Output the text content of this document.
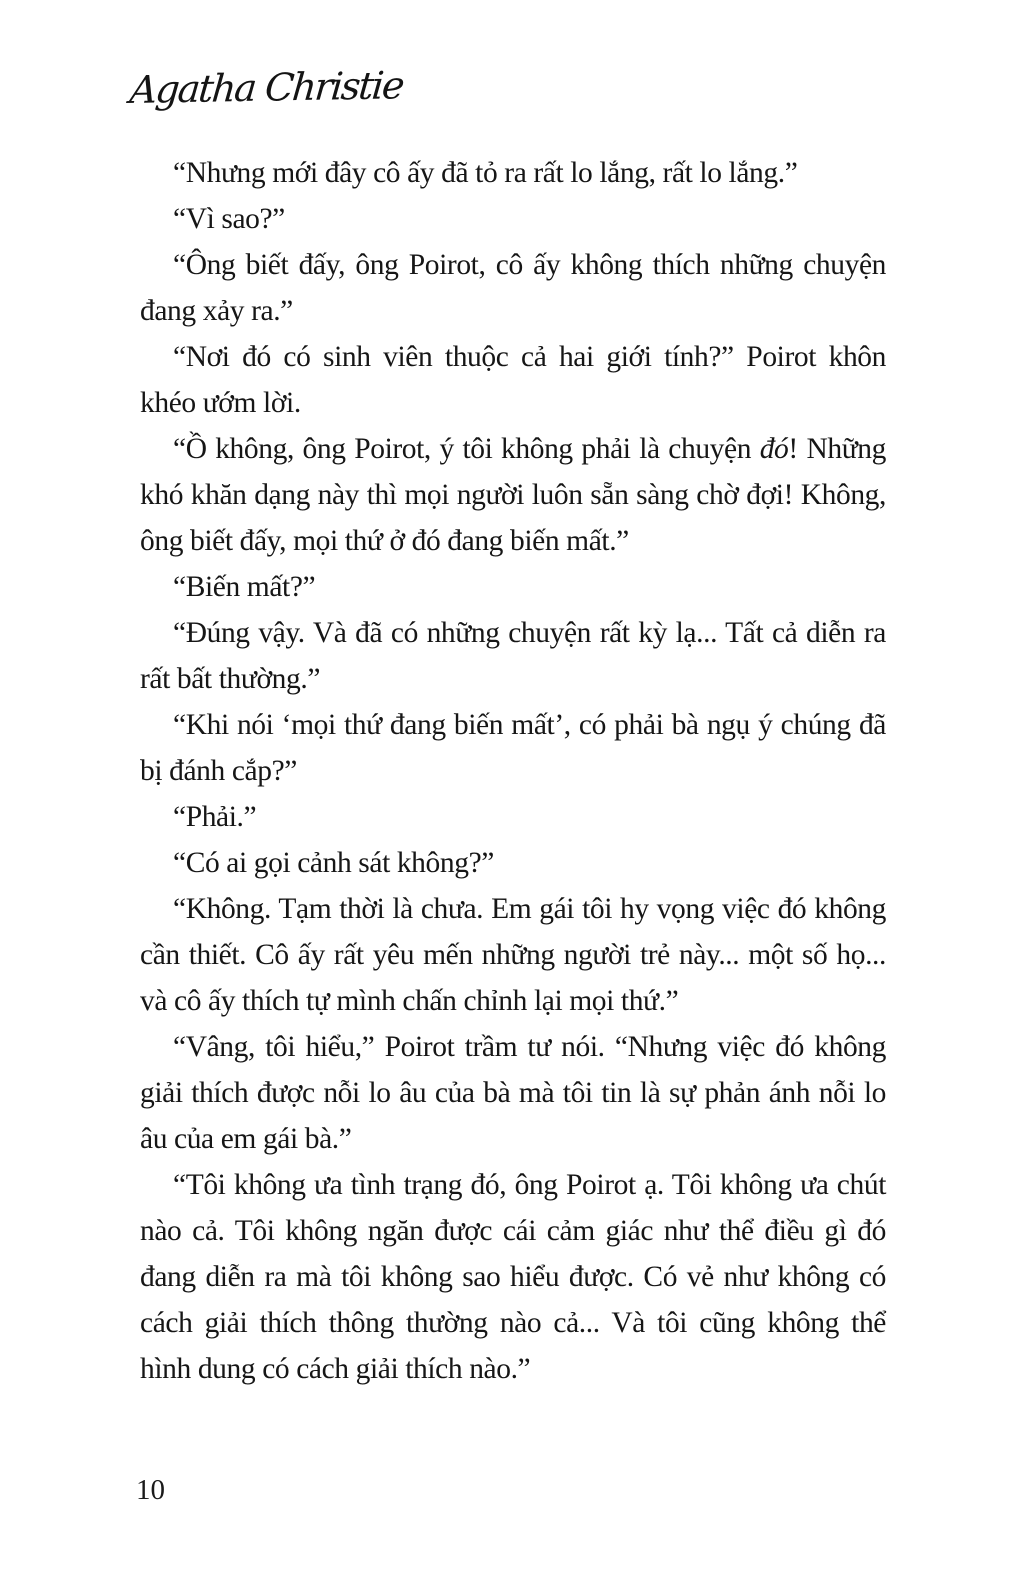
Agatha Christie

“Nhưng mới đây cô ấy đã tỏ ra rất lo lắng, rất lo lắng.”

“Vì sao?”

“Ông biết đấy, ông Poirot, cô ấy không thích những chuyện đang xảy ra.”

“Nơi đó có sinh viên thuộc cả hai giới tính?” Poirot khôn khéo ướm lời.

“Ồ không, ông Poirot, ý tôi không phải là chuyện đó! Những khó khăn dạng này thì mọi người luôn sẵn sàng chờ đợi! Không, ông biết đấy, mọi thứ ở đó đang biến mất.”

“Biến mất?”

“Đúng vậy. Và đã có những chuyện rất kỳ lạ... Tất cả diễn ra rất bất thường.”

“Khi nói ‘mọi thứ đang biến mất’, có phải bà ngụ ý chúng đã bị đánh cắp?”

“Phải.”

“Có ai gọi cảnh sát không?”

“Không. Tạm thời là chưa. Em gái tôi hy vọng việc đó không cần thiết. Cô ấy rất yêu mến những người trẻ này... một số họ... và cô ấy thích tự mình chấn chỉnh lại mọi thứ.”

“Vâng, tôi hiểu,” Poirot trầm tư nói. “Nhưng việc đó không giải thích được nỗi lo âu của bà mà tôi tin là sự phản ánh nỗi lo âu của em gái bà.”

“Tôi không ưa tình trạng đó, ông Poirot ạ. Tôi không ưa chút nào cả. Tôi không ngăn được cái cảm giác như thể điều gì đó đang diễn ra mà tôi không sao hiểu được. Có vẻ như không có cách giải thích thông thường nào cả... Và tôi cũng không thể hình dung có cách giải thích nào.”

10
